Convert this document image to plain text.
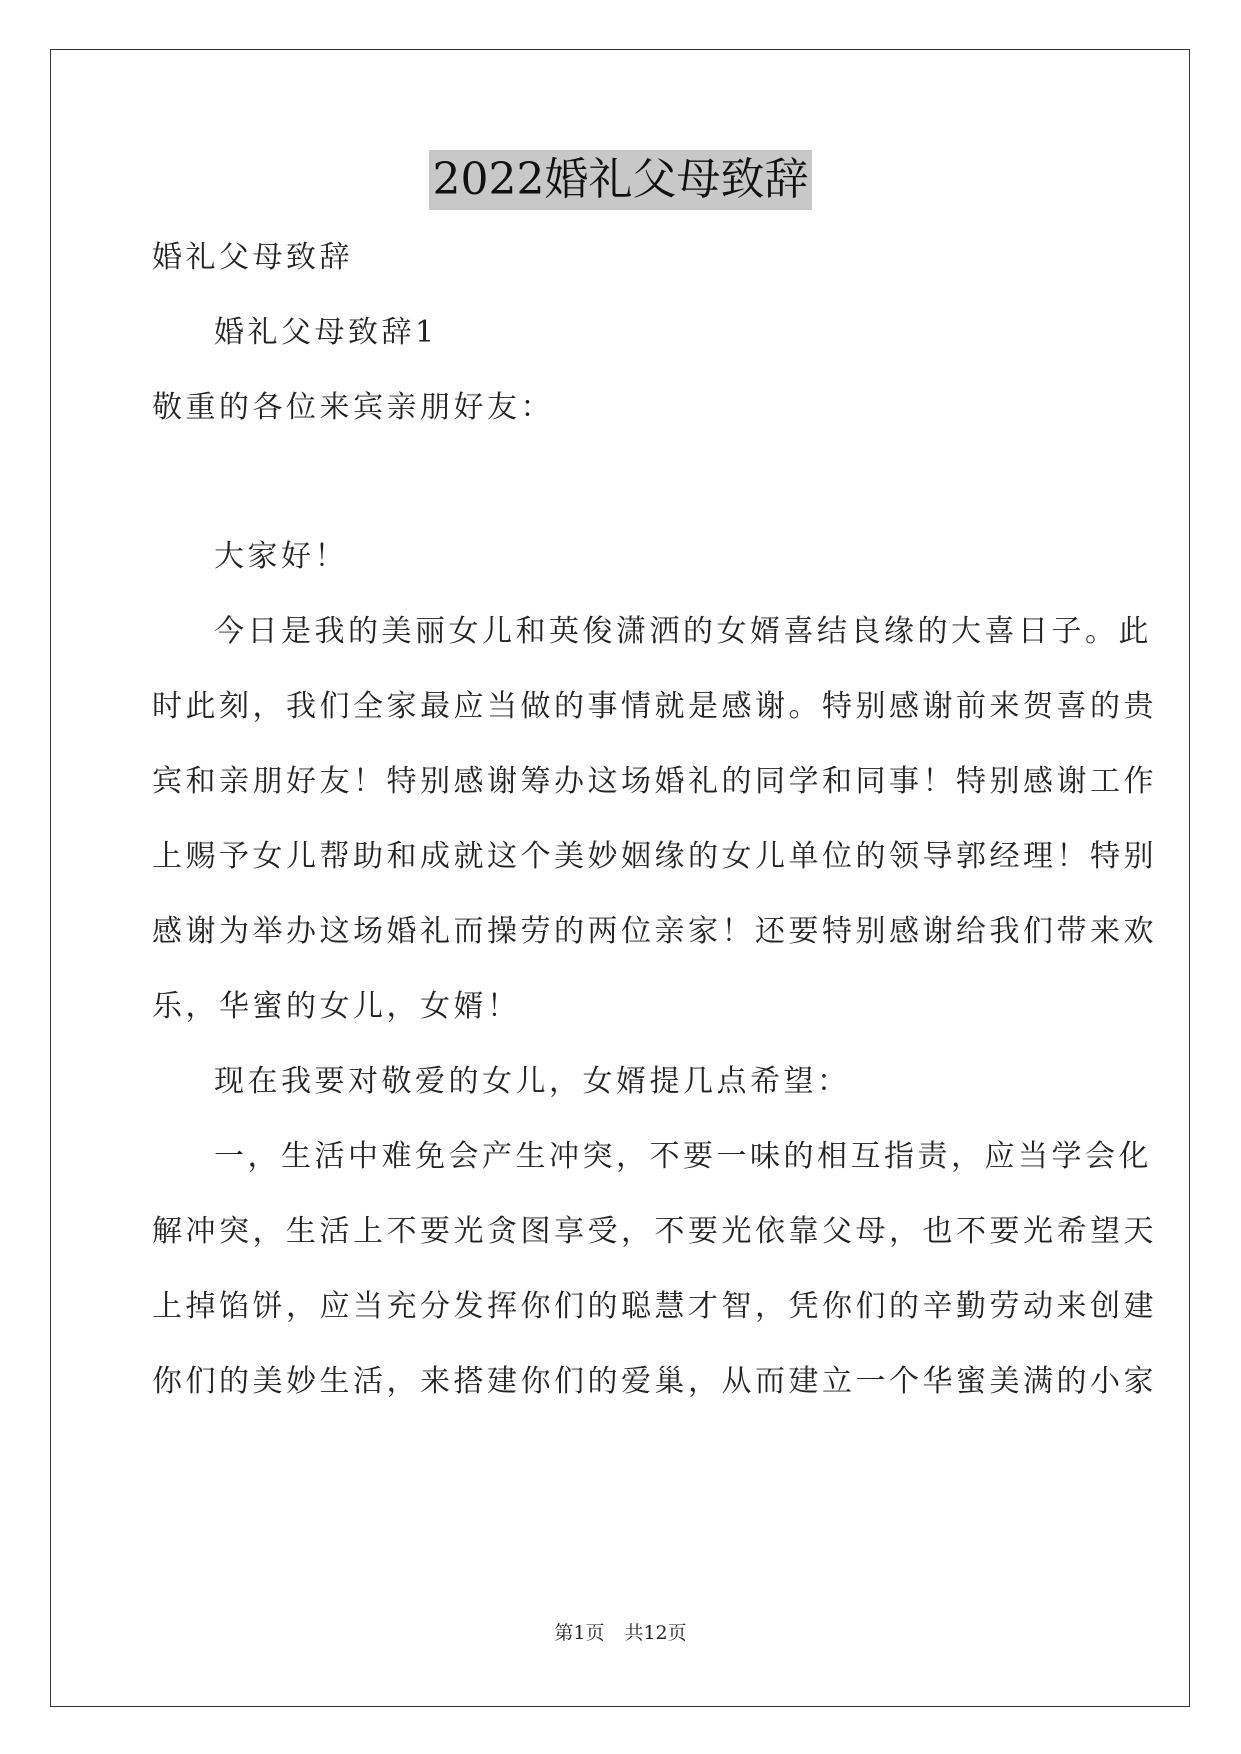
2022婚礼父母致辞
婚礼父母致辞
婚礼父母致辞1
敬重的各位来宾亲朋好友：
大家好！
今日是我的美丽女儿和英俊潇洒的女婿喜结良缘的大喜日子。此
时此刻，我们全家最应当做的事情就是感谢。特别感谢前来贺喜的贵
宾和亲朋好友！特别感谢筹办这场婚礼的同学和同事！特别感谢工作
上赐予女儿帮助和成就这个美妙姻缘的女儿单位的领导郭经理！特别
感谢为举办这场婚礼而操劳的两位亲家！还要特别感谢给我们带来欢
乐，华蜜的女儿，女婿！
现在我要对敬爱的女儿，女婿提几点希望：
一，生活中难免会产生冲突，不要一味的相互指责，应当学会化
解冲突，生活上不要光贪图享受，不要光依靠父母，也不要光希望天
上掉馅饼，应当充分发挥你们的聪慧才智，凭你们的辛勤劳动来创建
你们的美妙生活，来搭建你们的爱巢，从而建立一个华蜜美满的小家
第1页 共12页
